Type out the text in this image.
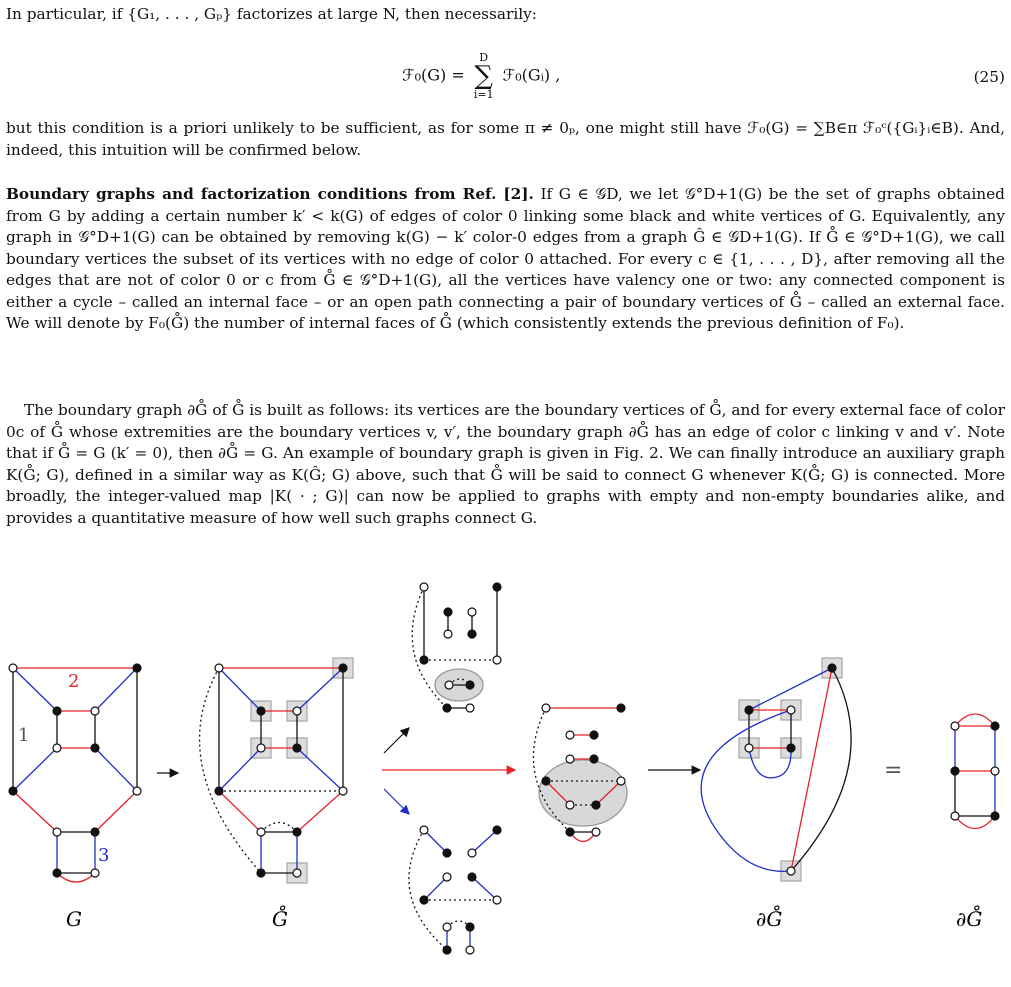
In particular, if {G₁, . . . , Gₚ} factorizes at large N, then necessarily:

ℱ₀(G) =
D
∑
i=1
ℱ₀(Gᵢ) ,	(25)

but this condition is a priori unlikely to be sufficient, as for some π ≠ 0ₚ, one might still have ℱ₀(G) = ∑B∈π ℱ₀ᶜ({Gᵢ}ᵢ∈B). And, indeed, this intuition will be confirmed below.

Boundary graphs and factorization conditions from Ref. [2]. If G ∈ 𝒢D, we let 𝒢°D+1(G) be the set of graphs obtained from G by adding a certain number k′ < k(G) of edges of color 0 linking some black and white vertices of G. Equivalently, any graph in 𝒢°D+1(G) can be obtained by removing k(G) − k′ color-0 edges from a graph Ĝ ∈ 𝒢D+1(G). If G̊ ∈ 𝒢°D+1(G), we call boundary vertices the subset of its vertices with no edge of color 0 attached. For every c ∈ {1, . . . , D}, after removing all the edges that are not of color 0 or c from G̊ ∈ 𝒢°D+1(G), all the vertices have valency one or two: any connected component is either a cycle – called an internal face – or an open path connecting a pair of boundary vertices of G̊ – called an external face. We will denote by F₀(G̊) the number of internal faces of G̊ (which consistently extends the previous definition of F₀).

The boundary graph ∂G̊ of G̊ is built as follows: its vertices are the boundary vertices of G̊, and for every external face of color 0c of G̊ whose extremities are the boundary vertices v, v′, the boundary graph ∂G̊ has an edge of color c linking v and v′. Note that if G̊ = G (k′ = 0), then ∂G̊ = G. An example of boundary graph is given in Fig. 2. We can finally introduce an auxiliary graph K(G̊; G), defined in a similar way as K(Ĝ; G) above, such that G̊ will be said to connect G whenever K(G̊; G) is connected. More broadly, the integer-valued map |K( · ; G)| can now be applied to graphs with empty and non-empty boundaries alike, and provides a quantitative measure of how well such graphs connect G.

2
1
3
G	G̊	∂G̊
=
∂G̊
